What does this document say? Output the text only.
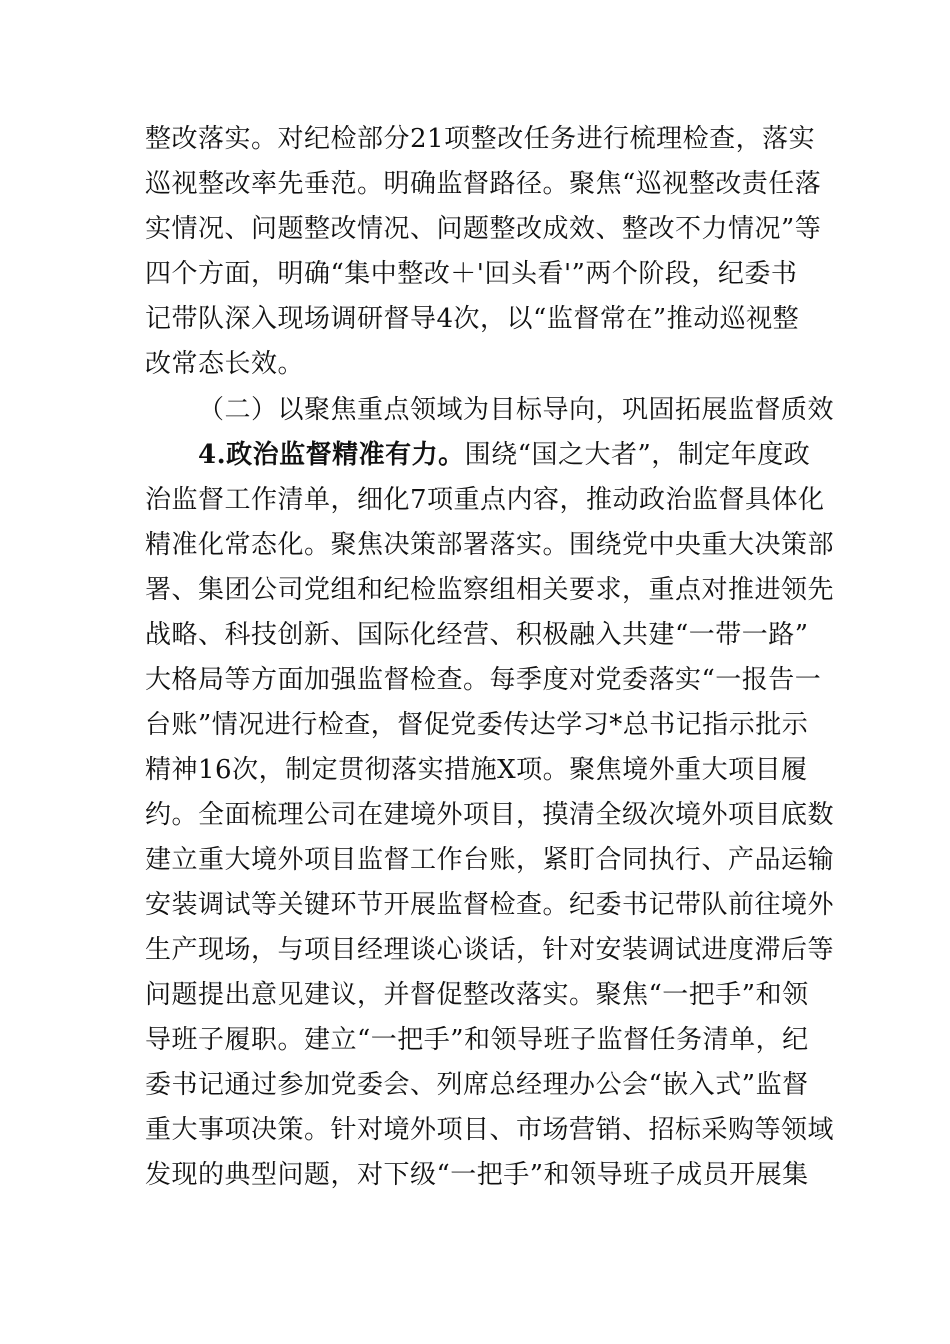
整改落实。对纪检部分21项整改任务进行梳理检查，落实
巡视整改率先垂范。明确监督路径。聚焦“巡视整改责任落
实情况、问题整改情况、问题整改成效、整改不力情况”等
四个方面，明确“集中整改＋'回头看'”两个阶段，纪委书
记带队深入现场调研督导4次，以“监督常在”推动巡视整
改常态长效。
（二）以聚焦重点领域为目标导向，巩固拓展监督质效
4.政治监督精准有力。围绕“国之大者”，制定年度政
治监督工作清单，细化7项重点内容，推动政治监督具体化
精准化常态化。聚焦决策部署落实。围绕党中央重大决策部
署、集团公司党组和纪检监察组相关要求，重点对推进领先
战略、科技创新、国际化经营、积极融入共建“一带一路”
大格局等方面加强监督检查。每季度对党委落实“一报告一
台账”情况进行检查，督促党委传达学习*总书记指示批示
精神16次，制定贯彻落实措施X项。聚焦境外重大项目履
约。全面梳理公司在建境外项目，摸清全级次境外项目底数
建立重大境外项目监督工作台账，紧盯合同执行、产品运输
安装调试等关键环节开展监督检查。纪委书记带队前往境外
生产现场，与项目经理谈心谈话，针对安装调试进度滞后等
问题提出意见建议，并督促整改落实。聚焦“一把手”和领
导班子履职。建立“一把手”和领导班子监督任务清单，纪
委书记通过参加党委会、列席总经理办公会“嵌入式”监督
重大事项决策。针对境外项目、市场营销、招标采购等领域
发现的典型问题，对下级“一把手”和领导班子成员开展集
